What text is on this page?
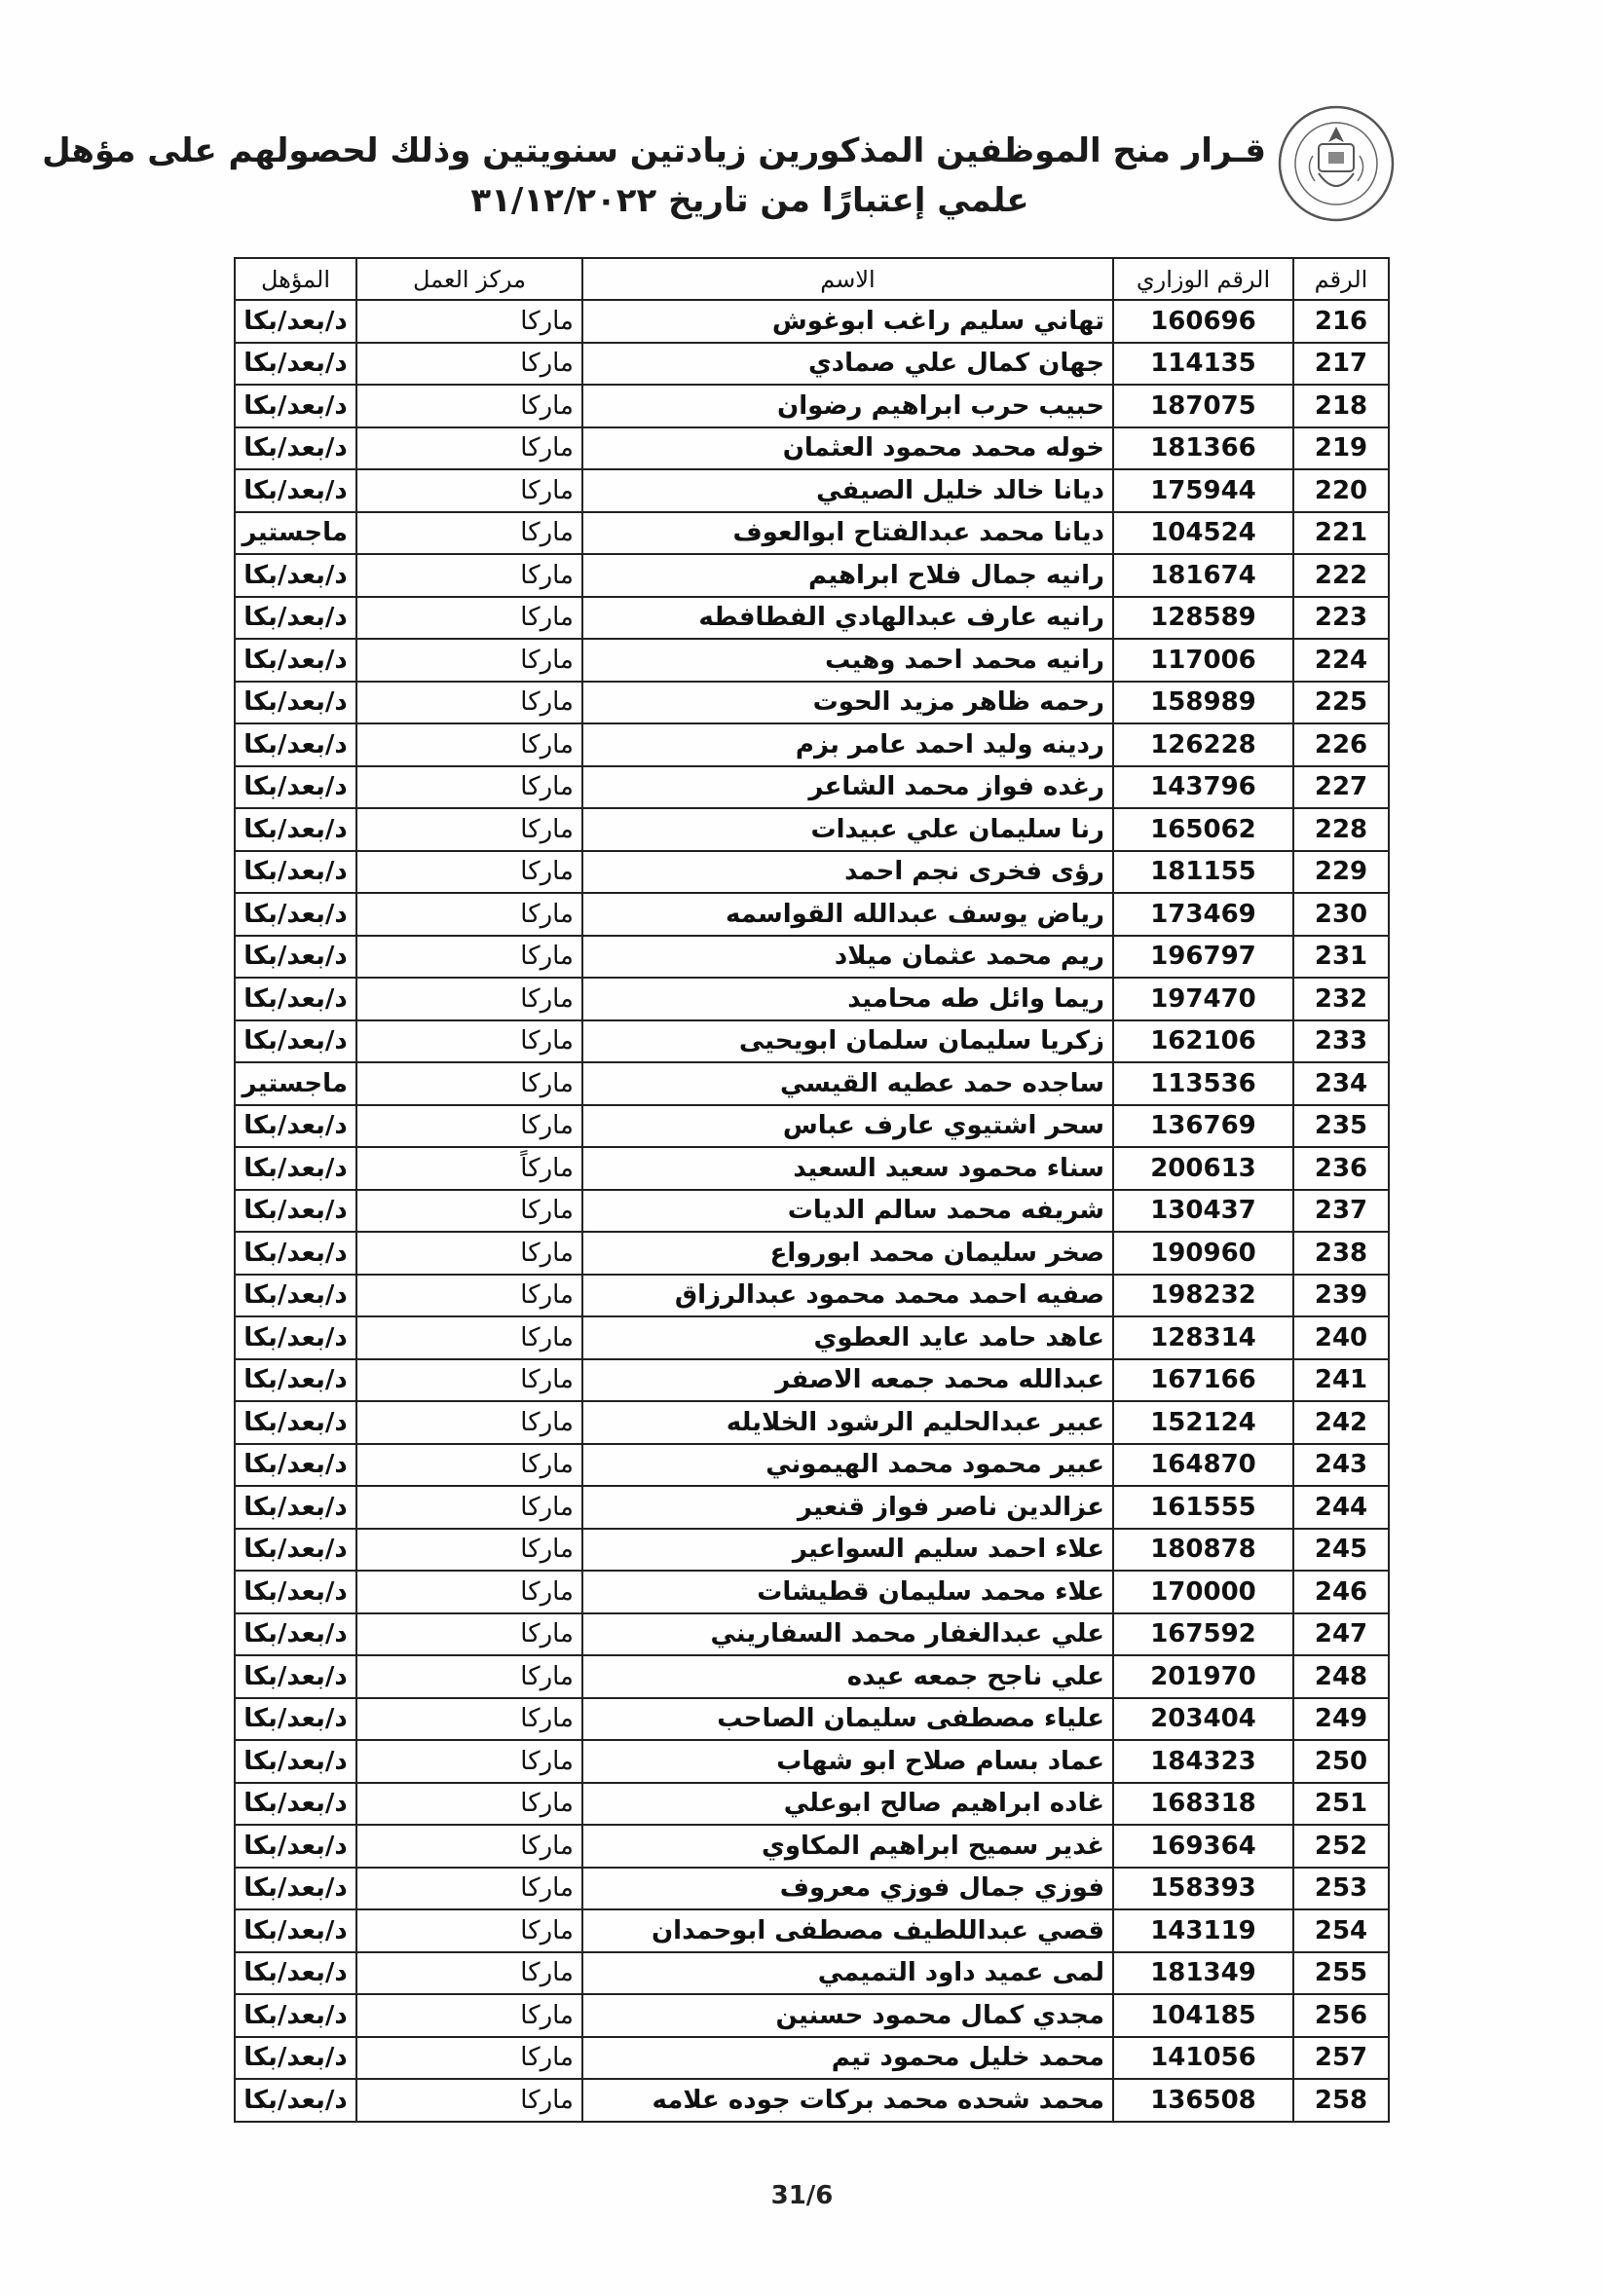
قـرار منح الموظفين المذكورين زيادتين سنويتين وذلك لحصولهم على مؤهل
علمي إعتبارًا من تاريخ ٣١/١٢/٢٠٢٢
الرقم	الرقم الوزاري	الاسم	مركز العمل	المؤهل
216	160696	تهاني سليم راغب ابوغوش	ماركا	د/بعد/بكا
217	114135	جهان كمال علي صمادي	ماركا	د/بعد/بكا
218	187075	حبيب حرب ابراهيم رضوان	ماركا	د/بعد/بكا
219	181366	خوله محمد محمود العثمان	ماركا	د/بعد/بكا
220	175944	ديانا خالد خليل الصيفي	ماركا	د/بعد/بكا
221	104524	ديانا محمد عبدالفتاح ابوالعوف	ماركا	ماجستير
222	181674	رانيه جمال فلاح ابراهيم	ماركا	د/بعد/بكا
223	128589	رانيه عارف عبدالهادي الفطافطه	ماركا	د/بعد/بكا
224	117006	رانيه محمد احمد وهيب	ماركا	د/بعد/بكا
225	158989	رحمه ظاهر مزيد الحوت	ماركا	د/بعد/بكا
226	126228	ردينه وليد احمد عامر بزم	ماركا	د/بعد/بكا
227	143796	رغده فواز محمد الشاعر	ماركا	د/بعد/بكا
228	165062	رنا سليمان علي عبيدات	ماركا	د/بعد/بكا
229	181155	رؤى فخرى نجم احمد	ماركا	د/بعد/بكا
230	173469	رياض يوسف عبدالله القواسمه	ماركا	د/بعد/بكا
231	196797	ريم محمد عثمان ميلاد	ماركا	د/بعد/بكا
232	197470	ريما وائل طه محاميد	ماركا	د/بعد/بكا
233	162106	زكريا سليمان سلمان ابويحيى	ماركا	د/بعد/بكا
234	113536	ساجده حمد عطيه القيسي	ماركا	ماجستير
235	136769	سحر اشتيوي عارف عباس	ماركا	د/بعد/بكا
236	200613	سناء محمود سعيد السعيد	ماركاً	د/بعد/بكا
237	130437	شريفه محمد سالم الديات	ماركا	د/بعد/بكا
238	190960	صخر سليمان محمد ابورواع	ماركا	د/بعد/بكا
239	198232	صفيه احمد محمد محمود عبدالرزاق	ماركا	د/بعد/بكا
240	128314	عاهد حامد عايد العطوي	ماركا	د/بعد/بكا
241	167166	عبدالله محمد جمعه الاصفر	ماركا	د/بعد/بكا
242	152124	عبير عبدالحليم الرشود الخلايله	ماركا	د/بعد/بكا
243	164870	عبير محمود محمد الهيموني	ماركا	د/بعد/بكا
244	161555	عزالدين ناصر فواز قنعير	ماركا	د/بعد/بكا
245	180878	علاء احمد سليم السواعير	ماركا	د/بعد/بكا
246	170000	علاء محمد سليمان قطيشات	ماركا	د/بعد/بكا
247	167592	علي عبدالغفار محمد السفاريني	ماركا	د/بعد/بكا
248	201970	علي ناجح جمعه عيده	ماركا	د/بعد/بكا
249	203404	علياء مصطفى سليمان الصاحب	ماركا	د/بعد/بكا
250	184323	عماد بسام صلاح ابو شهاب	ماركا	د/بعد/بكا
251	168318	غاده ابراهيم صالح ابوعلي	ماركا	د/بعد/بكا
252	169364	غدير سميح ابراهيم المكاوي	ماركا	د/بعد/بكا
253	158393	فوزي جمال فوزي معروف	ماركا	د/بعد/بكا
254	143119	قصي عبداللطيف مصطفى ابوحمدان	ماركا	د/بعد/بكا
255	181349	لمى عميد داود التميمي	ماركا	د/بعد/بكا
256	104185	مجدي كمال محمود حسنين	ماركا	د/بعد/بكا
257	141056	محمد خليل محمود تيم	ماركا	د/بعد/بكا
258	136508	محمد شحده محمد بركات جوده علامه	ماركا	د/بعد/بكا
31/6
